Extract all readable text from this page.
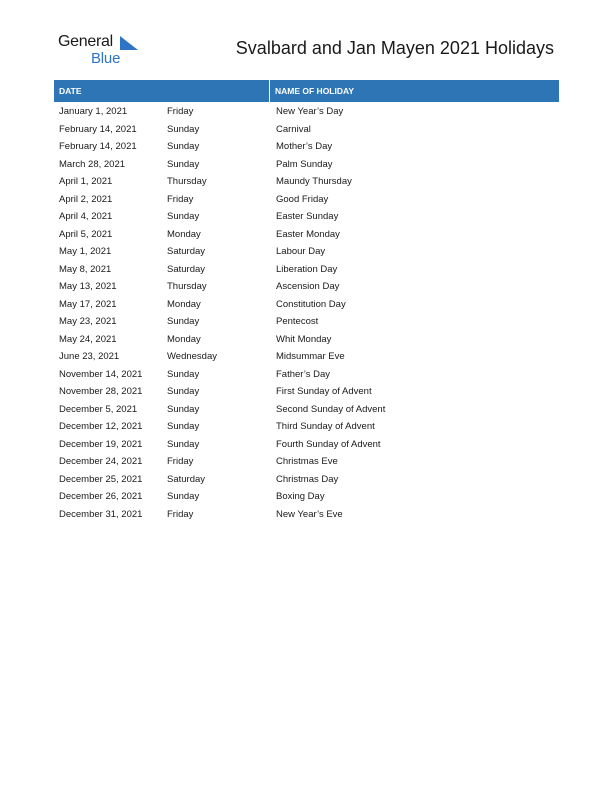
General
Blue
Svalbard and Jan Mayen 2021 Holidays
DATE	NAME OF HOLIDAY
January 1, 2021	Friday	New Year’s Day
February 14, 2021	Sunday	Carnival
February 14, 2021	Sunday	Mother’s Day
March 28, 2021	Sunday	Palm Sunday
April 1, 2021	Thursday	Maundy Thursday
April 2, 2021	Friday	Good Friday
April 4, 2021	Sunday	Easter Sunday
April 5, 2021	Monday	Easter Monday
May 1, 2021	Saturday	Labour Day
May 8, 2021	Saturday	Liberation Day
May 13, 2021	Thursday	Ascension Day
May 17, 2021	Monday	Constitution Day
May 23, 2021	Sunday	Pentecost
May 24, 2021	Monday	Whit Monday
June 23, 2021	Wednesday	Midsummar Eve
November 14, 2021	Sunday	Father’s Day
November 28, 2021	Sunday	First Sunday of Advent
December 5, 2021	Sunday	Second Sunday of Advent
December 12, 2021	Sunday	Third Sunday of Advent
December 19, 2021	Sunday	Fourth Sunday of Advent
December 24, 2021	Friday	Christmas Eve
December 25, 2021	Saturday	Christmas Day
December 26, 2021	Sunday	Boxing Day
December 31, 2021	Friday	New Year’s Eve
